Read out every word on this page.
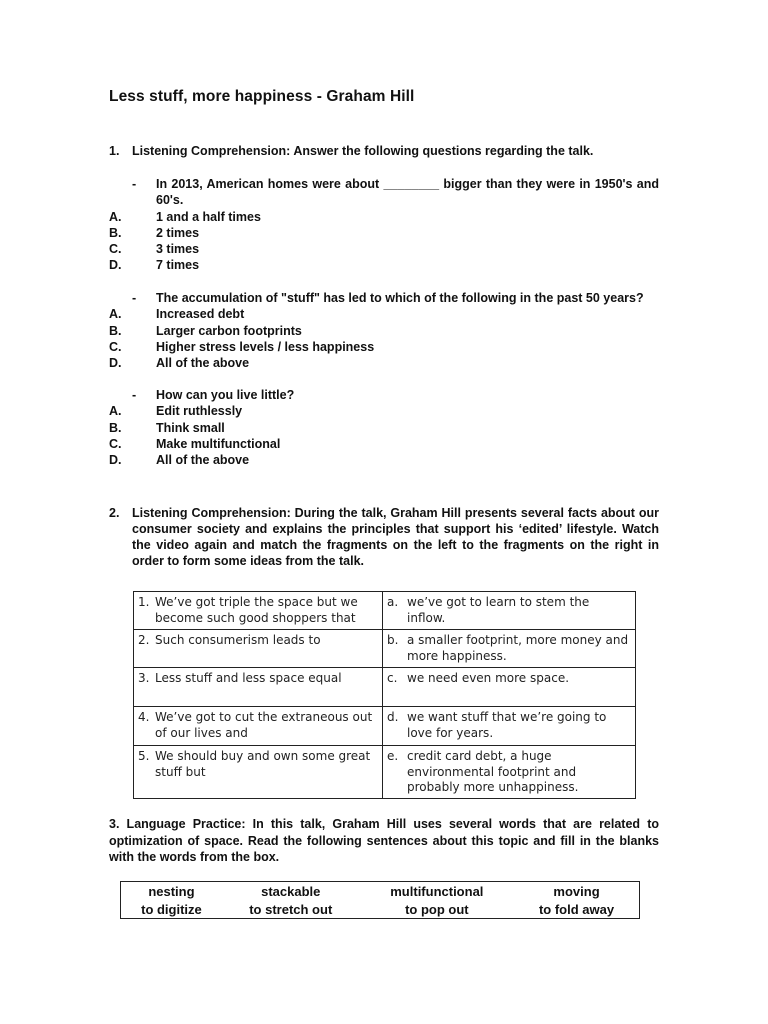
Less stuff, more happiness - Graham Hill
1.	Listening Comprehension: Answer the following questions regarding the talk.
-	In 2013, American homes were about ________ bigger than they were in 1950's and 60's.
A.	1 and a half times
B.	2 times
C.	3 times
D.	7 times
-	The accumulation of "stuff" has led to which of the following in the past 50 years?
A.	Increased debt
B.	Larger carbon footprints
C.	Higher stress levels / less happiness
D.	All of the above
-	How can you live little?
A.	Edit ruthlessly
B.	Think small
C.	Make multifunctional
D.	All of the above
2.	Listening Comprehension: During the talk, Graham Hill presents several facts about our consumer society and explains the principles that support his ‘edited’ lifestyle. Watch the video again and match the fragments on the left to the fragments on the right in order to form some ideas from the talk.
1. We’ve got triple the space but we become such good shoppers that	a. we’ve got to learn to stem the inflow.

2. Such consumerism leads to	b. a smaller footprint, more money and more happiness.

3. Less stuff and less space equal	c. we need even more space.

4. We’ve got to cut the extraneous out of our lives and	d. we want stuff that we’re going to love for years.

5. We should buy and own some great stuff but	e. credit card debt, a huge environmental footprint and probably more unhappiness.
3. Language Practice: In this talk, Graham Hill uses several words that are related to optimization of space. Read the following sentences about this topic and fill in the blanks with the words from the box.
nesting	stackable	multifunctional	moving
to digitize	to stretch out	to pop out	to fold away
